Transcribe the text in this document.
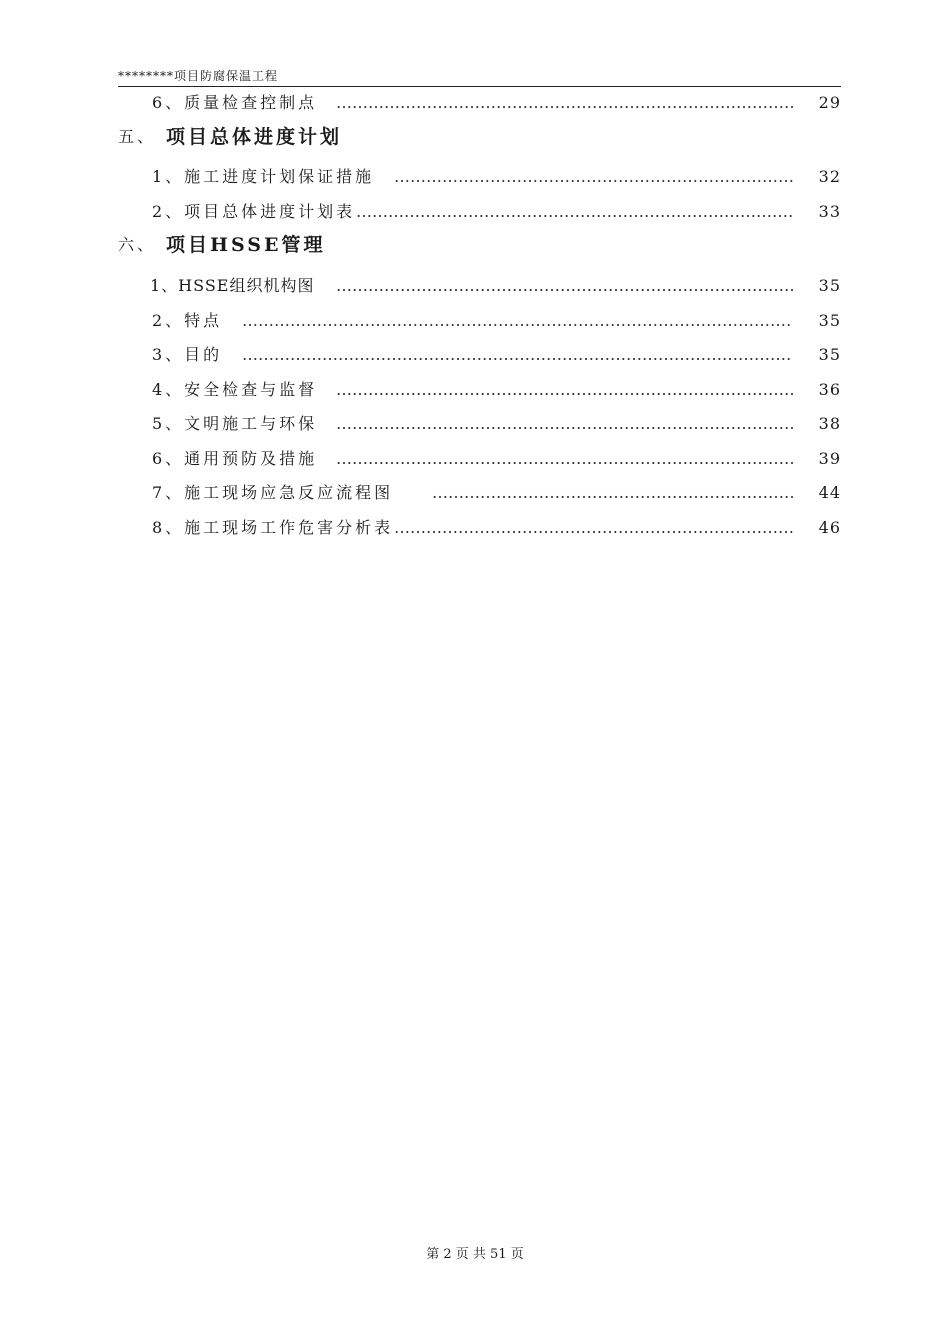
********项目防腐保温工程
6、质量检查控制点 ……………………………………………………………………………………………………………………………………………………………………	29
五、 项目总体进度计划
1、施工进度计划保证措施 ……………………………………………………………………………………………………………………………………………………………………	32
2、项目总体进度计划表 ……………………………………………………………………………………………………………………………………………………………………	33
六、 项目HSSE管理
1、HSSE组织机构图 ……………………………………………………………………………………………………………………………………………………………………	35
2、特点 ……………………………………………………………………………………………………………………………………………………………………	35
3、目的 ……………………………………………………………………………………………………………………………………………………………………	35
4、安全检查与监督 ……………………………………………………………………………………………………………………………………………………………………	36
5、文明施工与环保 ……………………………………………………………………………………………………………………………………………………………………	38
6、通用预防及措施 ……………………………………………………………………………………………………………………………………………………………………	39
7、施工现场应急反应流程图 ……………………………………………………………………………………………………………………………………………………………………	44
8、施工现场工作危害分析表 ……………………………………………………………………………………………………………………………………………………………………	46
第 2 页 共 51 页
